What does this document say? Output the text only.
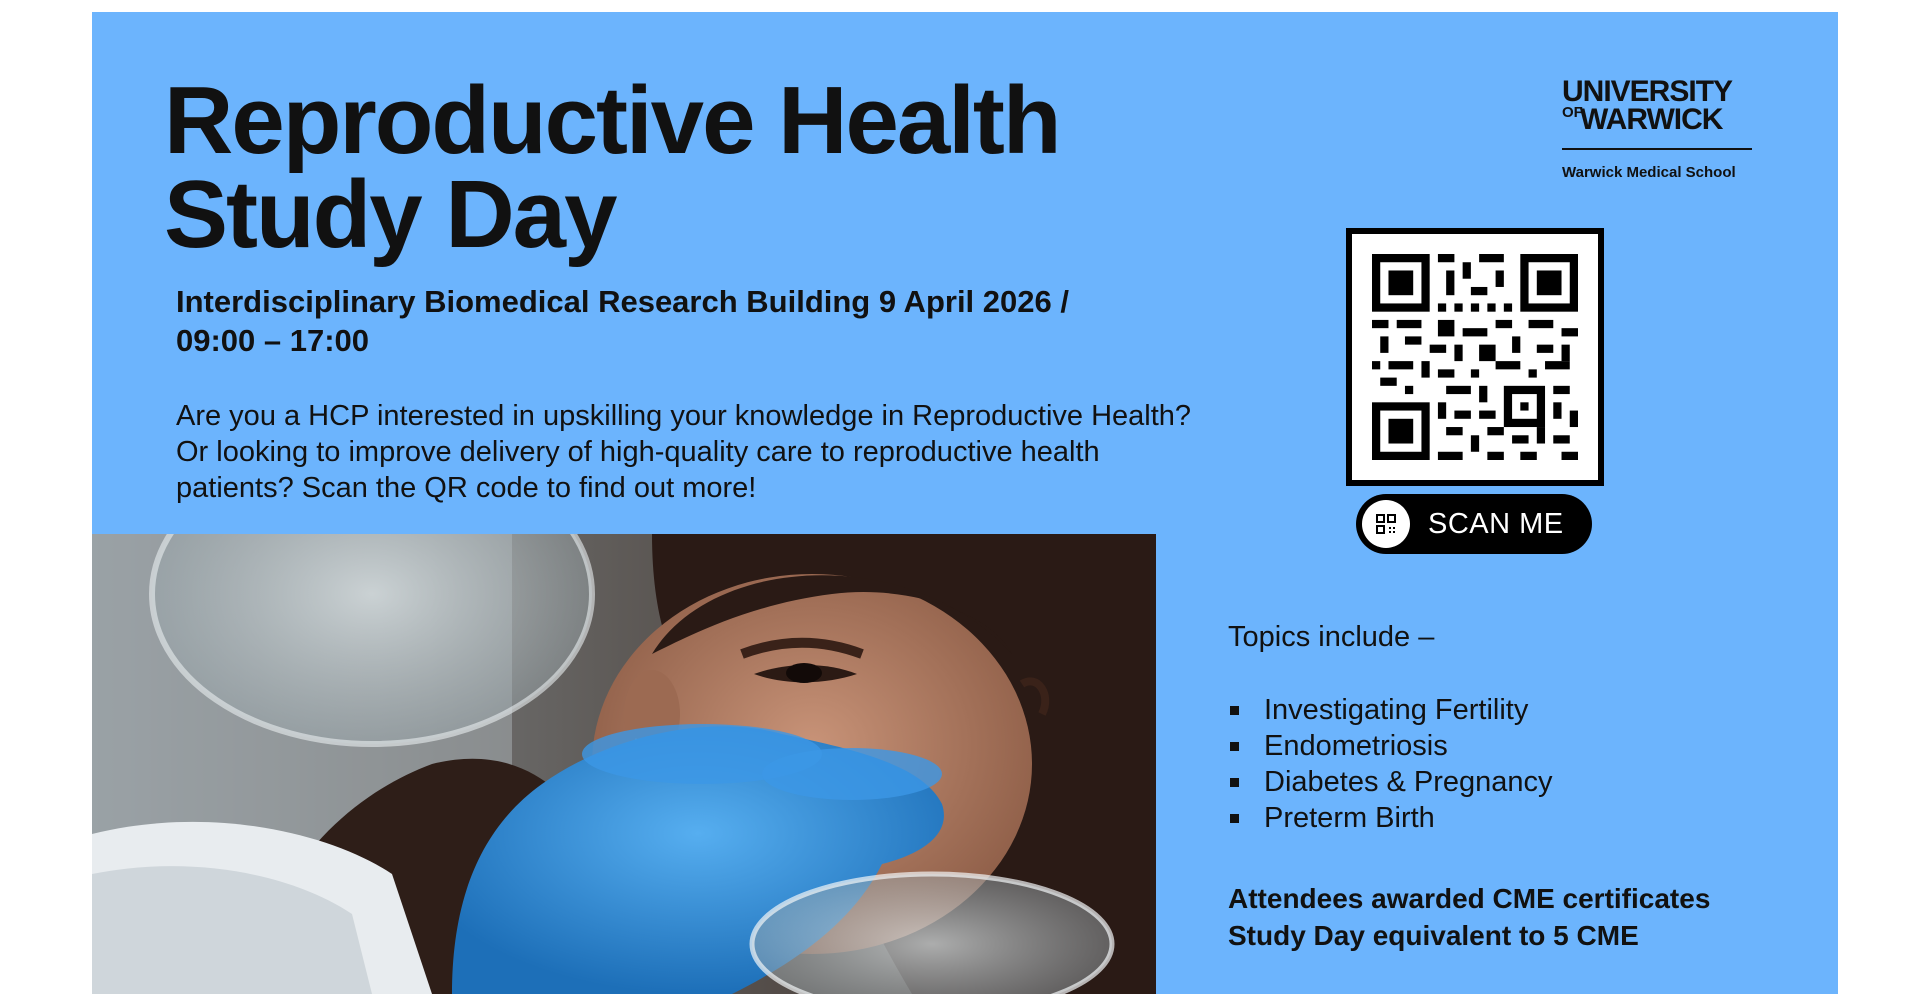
Reproductive Health
Study Day
Interdisciplinary Biomedical Research Building 9 April 2026 /
09:00 – 17:00
Are you a HCP interested in upskilling your knowledge in Reproductive Health? Or looking to improve delivery of high-quality care to reproductive health patients? Scan the QR code to find out more!
UNIVERSITY
OFWARWICK
Warwick Medical School
SCAN ME
Topics include –
Investigating Fertility
Endometriosis
Diabetes & Pregnancy
Preterm Birth
Attendees awarded CME certificates
Study Day equivalent to 5 CME
